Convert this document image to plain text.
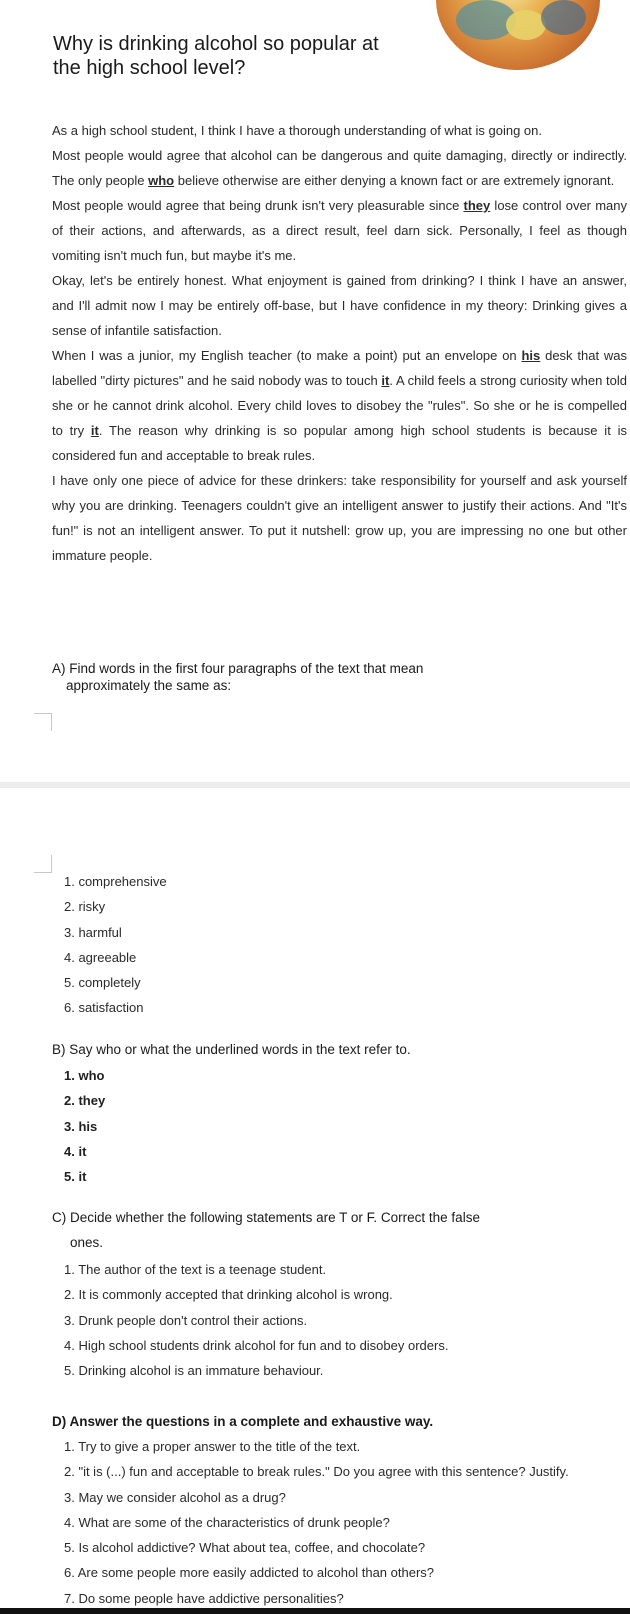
Why is drinking alcohol so popular at the high school level?

As a high school student, I think I have a thorough understanding of what is going on.

Most people would agree that alcohol can be dangerous and quite damaging, directly or indirectly. The only people who believe otherwise are either denying a known fact or are extremely ignorant.

Most people would agree that being drunk isn't very pleasurable since they lose control over many of their actions, and afterwards, as a direct result, feel darn sick. Personally, I feel as though vomiting isn't much fun, but maybe it's me.

Okay, let's be entirely honest. What enjoyment is gained from drinking? I think I have an answer, and I'll admit now I may be entirely off-base, but I have confidence in my theory: Drinking gives a sense of infantile satisfaction.

When I was a junior, my English teacher (to make a point) put an envelope on his desk that was labelled "dirty pictures" and he said nobody was to touch it. A child feels a strong curiosity when told she or he cannot drink alcohol. Every child loves to disobey the "rules". So she or he is compelled to try it. The reason why drinking is so popular among high school students is because it is considered fun and acceptable to break rules.

I have only one piece of advice for these drinkers: take responsibility for yourself and ask yourself why you are drinking. Teenagers couldn't give an intelligent answer to justify their actions. And "It's fun!" is not an intelligent answer. To put it nutshell: grow up, you are impressing no one but other immature people.

A) Find words in the first four paragraphs of the text that mean
approximately the same as:
1. comprehensive
2. risky
3. harmful
4. agreeable
5. completely
6. satisfaction

B) Say who or what the underlined words in the text refer to.

1. who
2. they
3. his
4. it
5. it

C) Decide whether the following statements are T or F. Correct the false
ones.

1. The author of the text is a teenage student.
2. It is commonly accepted that drinking alcohol is wrong.
3. Drunk people don't control their actions.
4. High school students drink alcohol for fun and to disobey orders.
5. Drinking alcohol is an immature behaviour.

D) Answer the questions in a complete and exhaustive way.

1. Try to give a proper answer to the title of the text.
2. "it is (...) fun and acceptable to break rules." Do you agree with this sentence? Justify.
3. May we consider alcohol as a drug?
4. What are some of the characteristics of drunk people?
5. Is alcohol addictive? What about tea, coffee, and chocolate?
6. Are some people more easily addicted to alcohol than others?
7. Do some people have addictive personalities?
